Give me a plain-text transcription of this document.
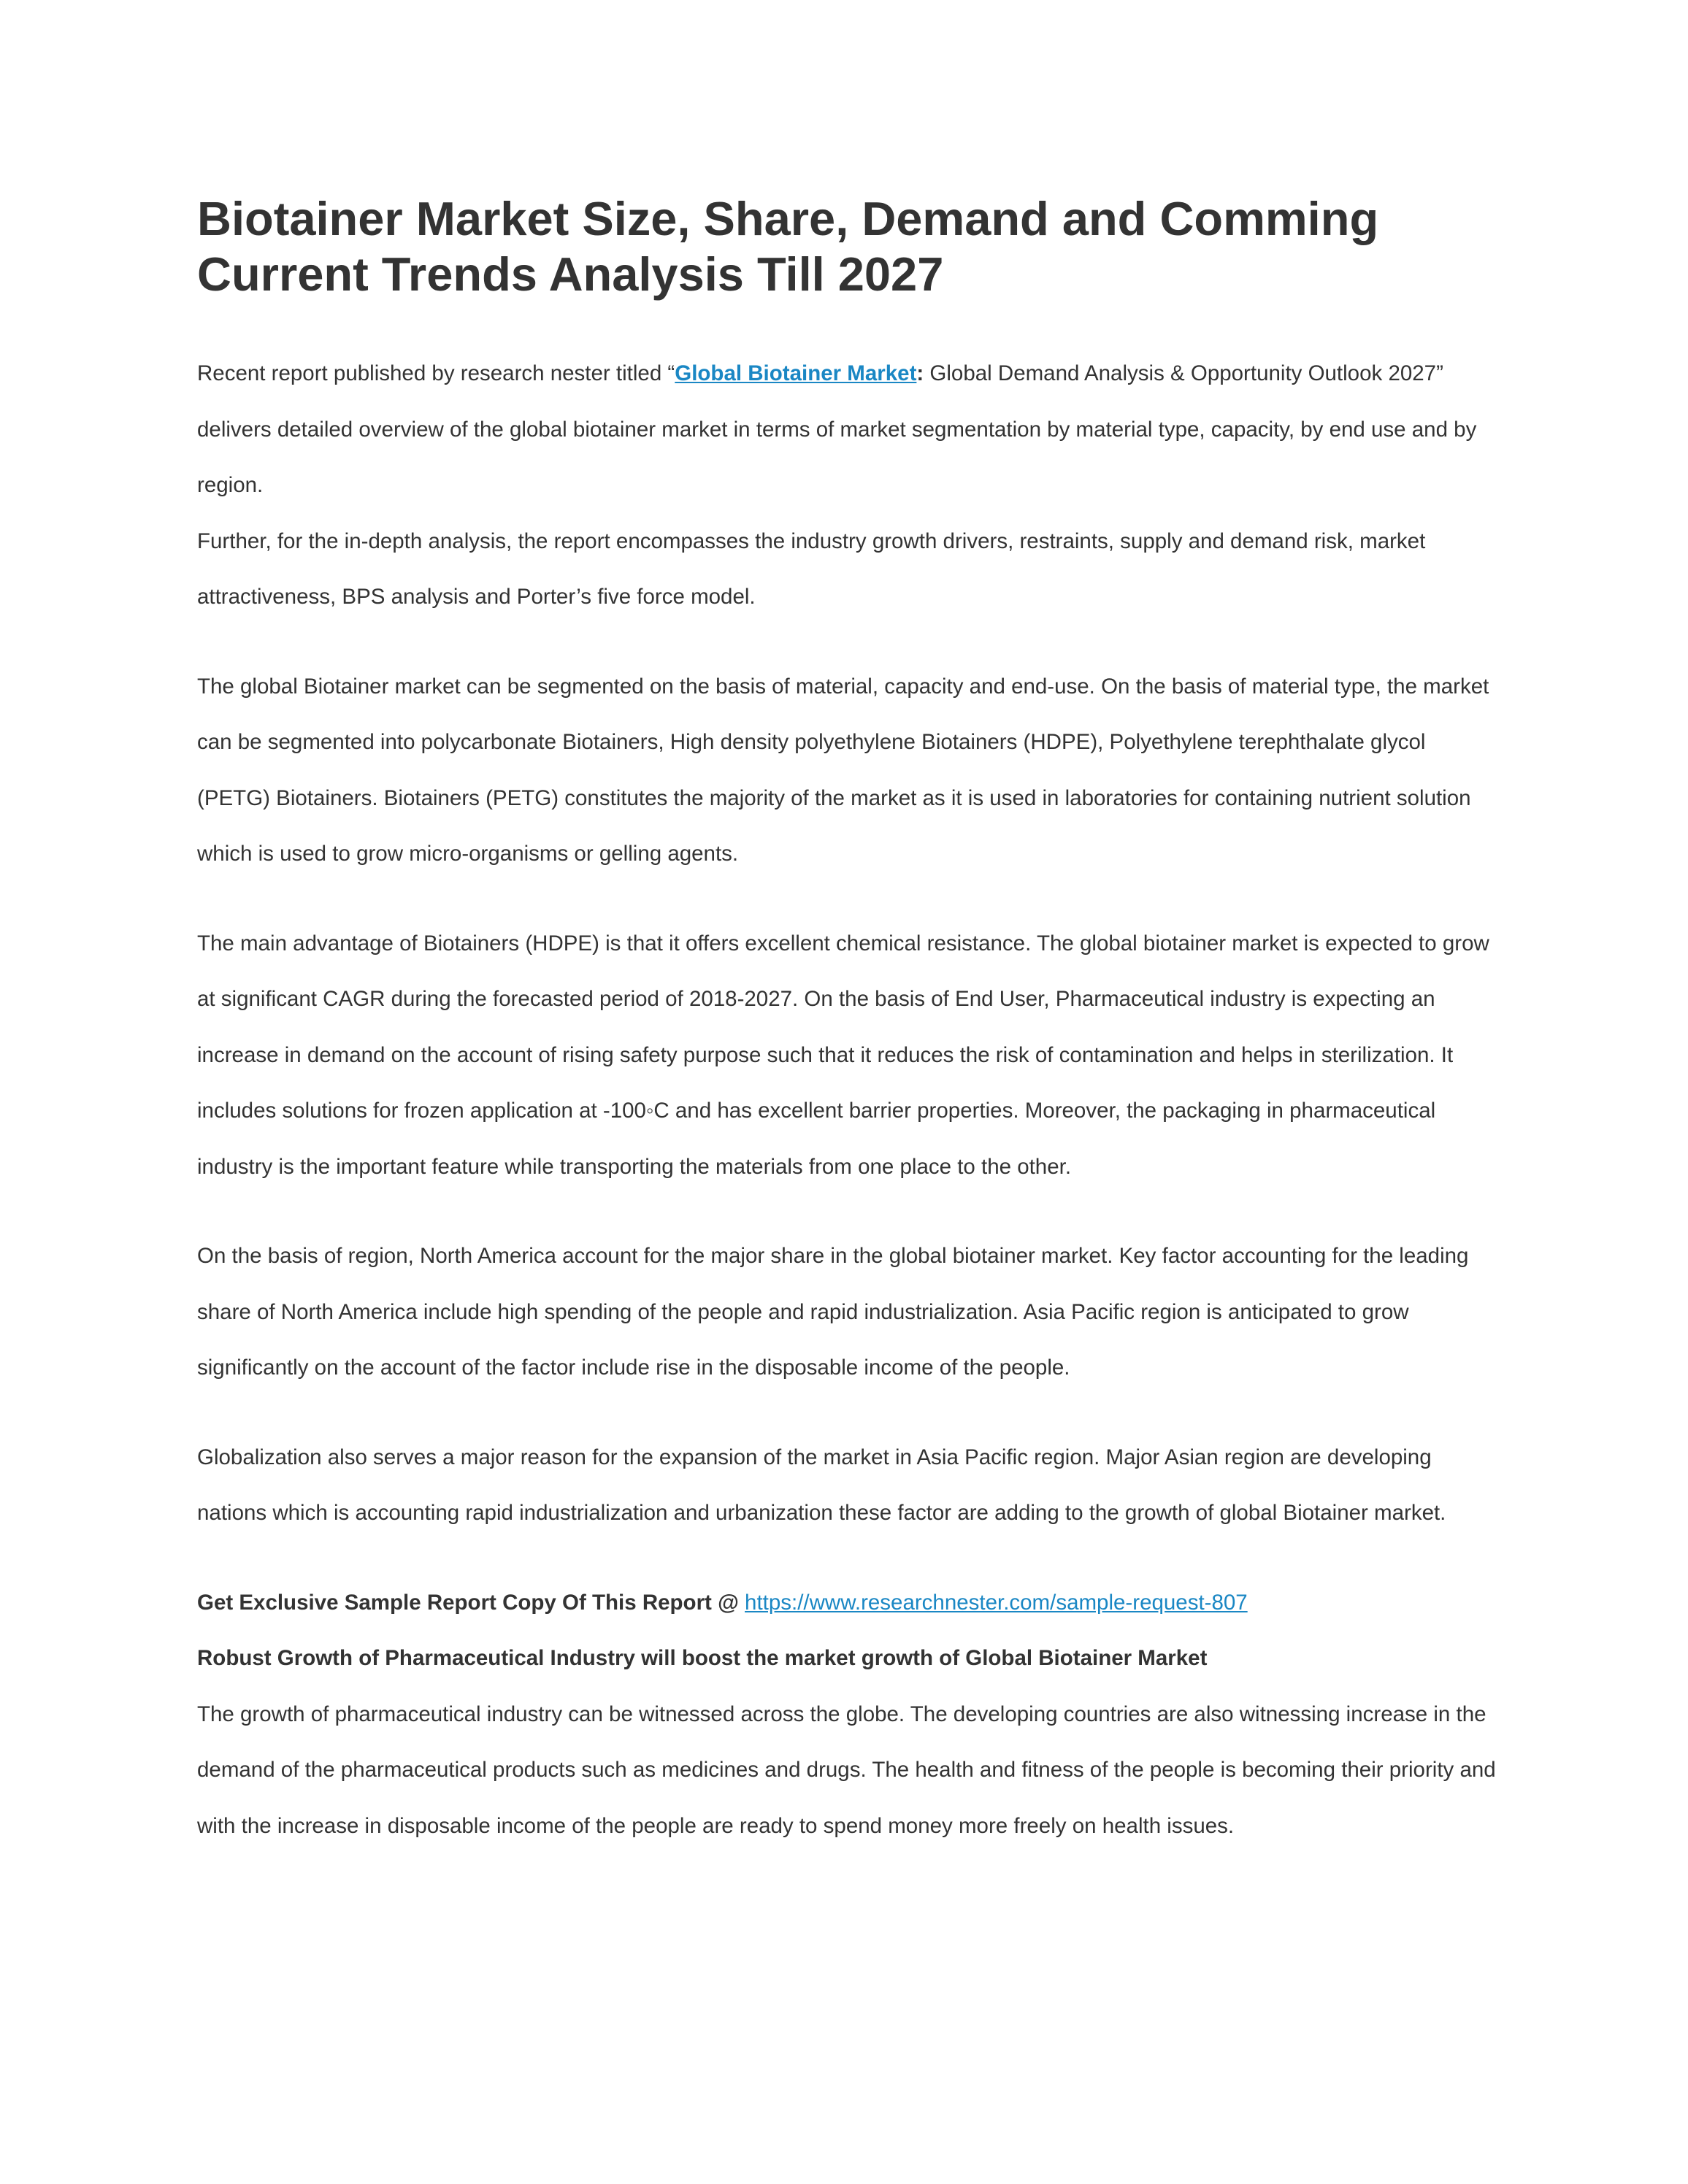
Biotainer Market Size, Share, Demand and Comming Current Trends Analysis Till 2027

Recent report published by research nester titled “Global Biotainer Market: Global Demand Analysis & Opportunity Outlook 2027” delivers detailed overview of the global biotainer market in terms of market segmentation by material type, capacity, by end use and by region.

Further, for the in-depth analysis, the report encompasses the industry growth drivers, restraints, supply and demand risk, market attractiveness, BPS analysis and Porter’s five force model.

The global Biotainer market can be segmented on the basis of material, capacity and end-use. On the basis of material type, the market can be segmented into polycarbonate Biotainers, High density polyethylene Biotainers (HDPE), Polyethylene terephthalate glycol (PETG) Biotainers. Biotainers (PETG) constitutes the majority of the market as it is used in laboratories for containing nutrient solution which is used to grow micro-organisms or gelling agents.

The main advantage of Biotainers (HDPE) is that it offers excellent chemical resistance. The global biotainer market is expected to grow at significant CAGR during the forecasted period of 2018-2027. On the basis of End User, Pharmaceutical industry is expecting an increase in demand on the account of rising safety purpose such that it reduces the risk of contamination and helps in sterilization. It includes solutions for frozen application at -100◦C and has excellent barrier properties. Moreover, the packaging in pharmaceutical industry is the important feature while transporting the materials from one place to the other.

On the basis of region, North America account for the major share in the global biotainer market. Key factor accounting for the leading share of North America include high spending of the people and rapid industrialization. Asia Pacific region is anticipated to grow significantly on the account of the factor include rise in the disposable income of the people.

Globalization also serves a major reason for the expansion of the market in Asia Pacific region. Major Asian region are developing nations which is accounting rapid industrialization and urbanization these factor are adding to the growth of global Biotainer market.

Get Exclusive Sample Report Copy Of This Report @ https://www.researchnester.com/sample-request-807

Robust Growth of Pharmaceutical Industry will boost the market growth of Global Biotainer Market

The growth of pharmaceutical industry can be witnessed across the globe. The developing countries are also witnessing increase in the demand of the pharmaceutical products such as medicines and drugs. The health and fitness of the people is becoming their priority and with the increase in disposable income of the people are ready to spend money more freely on health issues.
